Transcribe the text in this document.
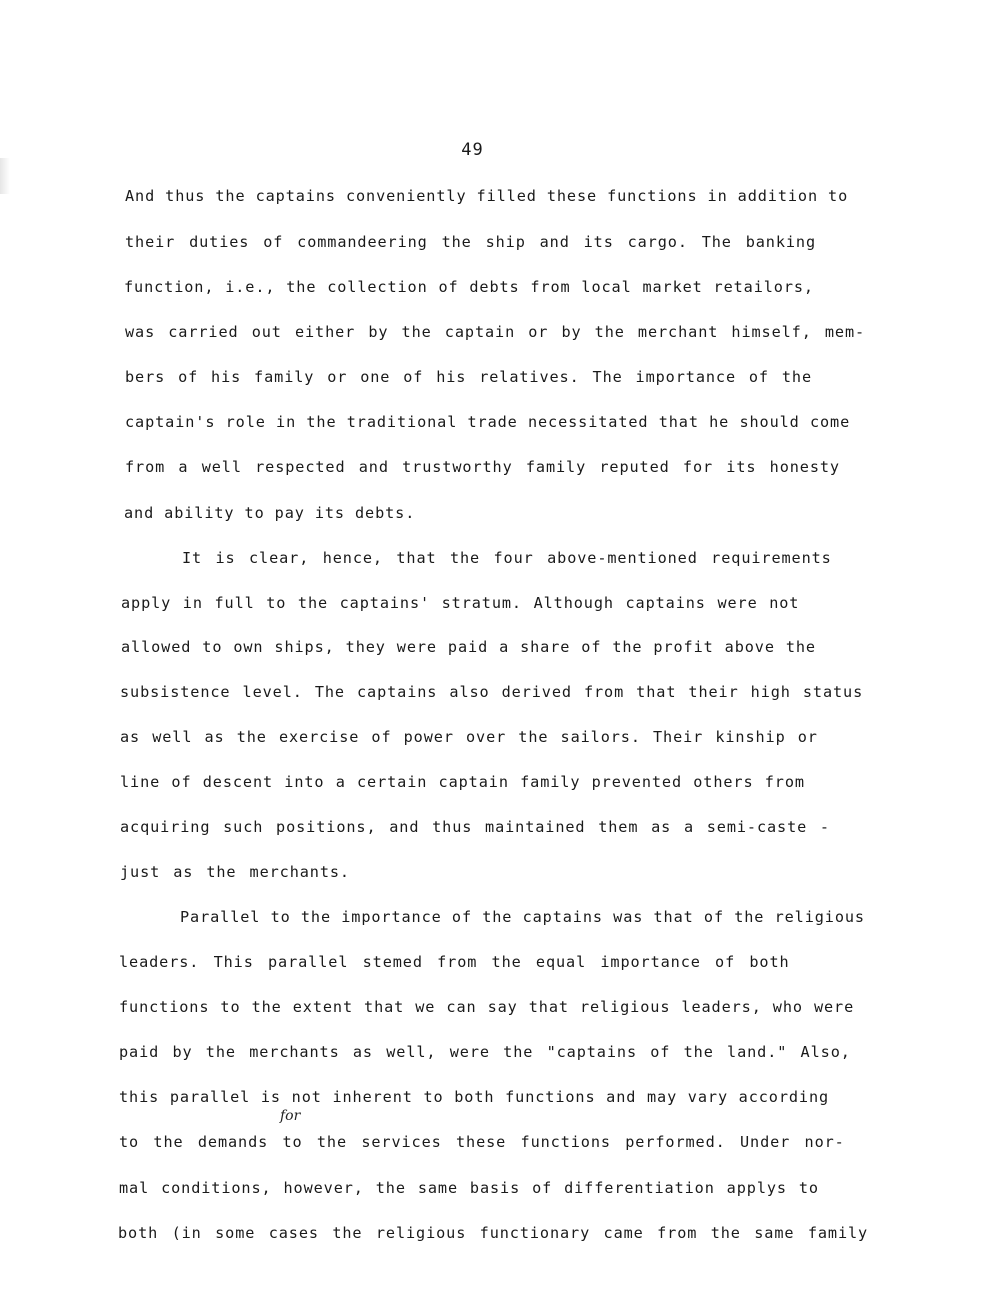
49
And thus the captains conveniently filled these functions in addition to
their duties of commandeering the ship and its cargo. The banking
function, i.e., the collection of debts from local market retailors,
was carried out either by the captain or by the merchant himself, mem-
bers of his family or one of his relatives. The importance of the
captain's role in the traditional trade necessitated that he should come
from a well respected and trustworthy family reputed for its honesty
and ability to pay its debts.
It is clear, hence, that the four above-mentioned requirements
apply in full to the captains' stratum. Although captains were not
allowed to own ships, they were paid a share of the profit above the
subsistence level. The captains also derived from that their high status
as well as the exercise of power over the sailors. Their kinship or
line of descent into a certain captain family prevented others from
acquiring such positions, and thus maintained them as a semi-caste -
just as the merchants.
Parallel to the importance of the captains was that of the religious
leaders. This parallel stemed from the equal importance of both
functions to the extent that we can say that religious leaders, who were
paid by the merchants as well, were the "captains of the land." Also,
this parallel is not inherent to both functions and may vary according
for
to the demands to the services these functions performed. Under nor-
mal conditions, however, the same basis of differentiation applys to
both (in some cases the religious functionary came from the same family
